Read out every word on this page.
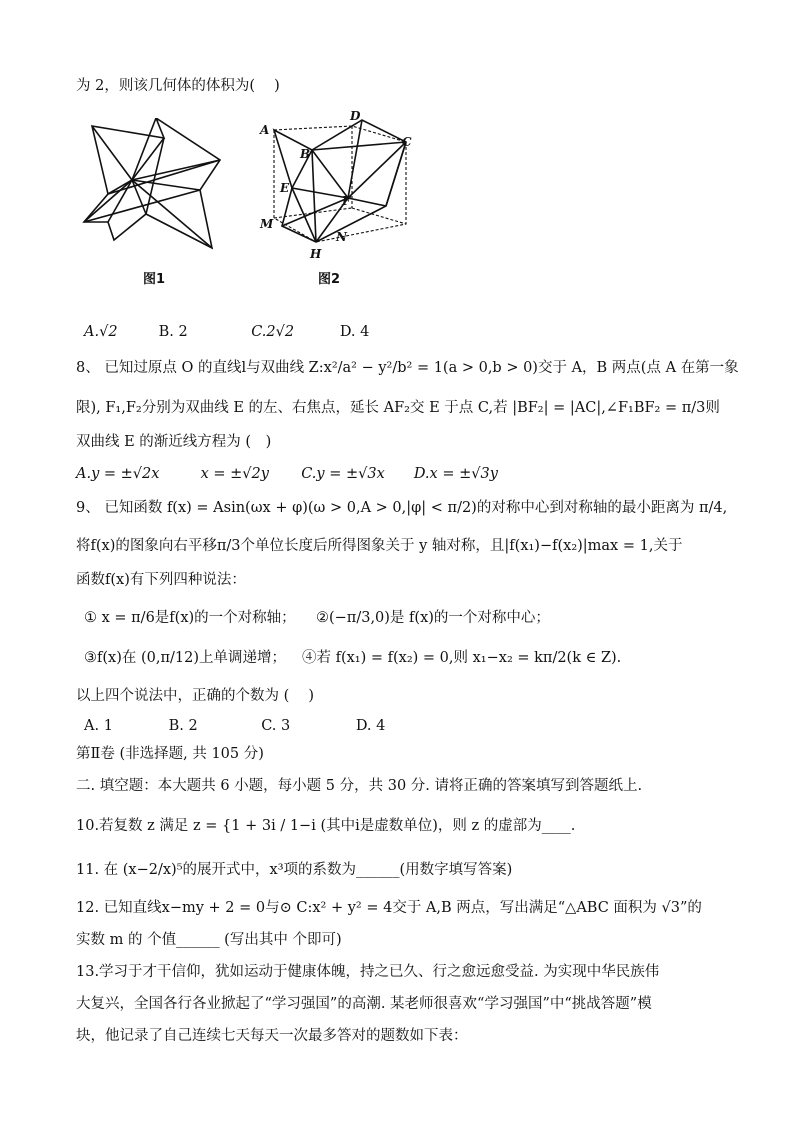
为 2，则该几何体的体积为(　 )
图1
A
D
B
C
E
F
M
N
H
图2
A.√2	B. 2	C.2√2	D. 4
8、 已知过原点 O 的直线l与双曲线 Z:x²/a² − y²/b² = 1(a > 0,b > 0)交于 A，B 两点(点 A 在第一象
限), F₁,F₂分别为双曲线 E 的左、右焦点，延长 AF₂交 E 于点 C,若 |BF₂| = |AC|,∠F₁BF₂ = π/3则
双曲线 E 的渐近线方程为 (　)
A.y = ±√2x	x = ±√2y C.y = ±√3x D.x = ±√3y
9、 已知函数 f(x) = Asin(ωx + φ)(ω > 0,A > 0,|φ| < π/2)的对称中心到对称轴的最小距离为 π/4,
将f(x)的图象向右平移π/3个单位长度后所得图象关于 y 轴对称，且|f(x₁)−f(x₂)|max = 1,关于
函数f(x)有下列四种说法：
① x = π/6是f(x)的一个对称轴； ②(−π/3,0)是 f(x)的一个对称中心；
③f(x)在 (0,π/12)上单调递增； ④若 f(x₁) = f(x₂) = 0,则 x₁−x₂ = kπ/2(k ∈ Z).
以上四个说法中，正确的个数为 (　 )
A. 1	B. 2	C. 3	D. 4
第Ⅱ卷 (非选择题, 共 105 分)
二. 填空题：本大题共 6 小题，每小题 5 分，共 30 分. 请将正确的答案填写到答题纸上.
10.若复数 z 满足 z = {1 + 3i / 1−i (其中i是虚数单位)，则 z 的虚部为____.
11. 在 (x−2/x)⁵的展开式中，x³项的系数为______(用数字填写答案)
12. 已知直线x−my + 2 = 0与⊙ C:x² + y² = 4交于 A,B 两点，写出满足“△ABC 面积为 √3”的
实数 m 的 个值______ (写出其中 个即可)
13.学习于才干信仰，犹如运动于健康体魄，持之已久、行之愈远愈受益. 为实现中华民族伟
大复兴，全国各行各业掀起了“学习强国”的高潮. 某老师很喜欢“学习强国”中“挑战答题”模
块，他记录了自己连续七天每天一次最多答对的题数如下表：
